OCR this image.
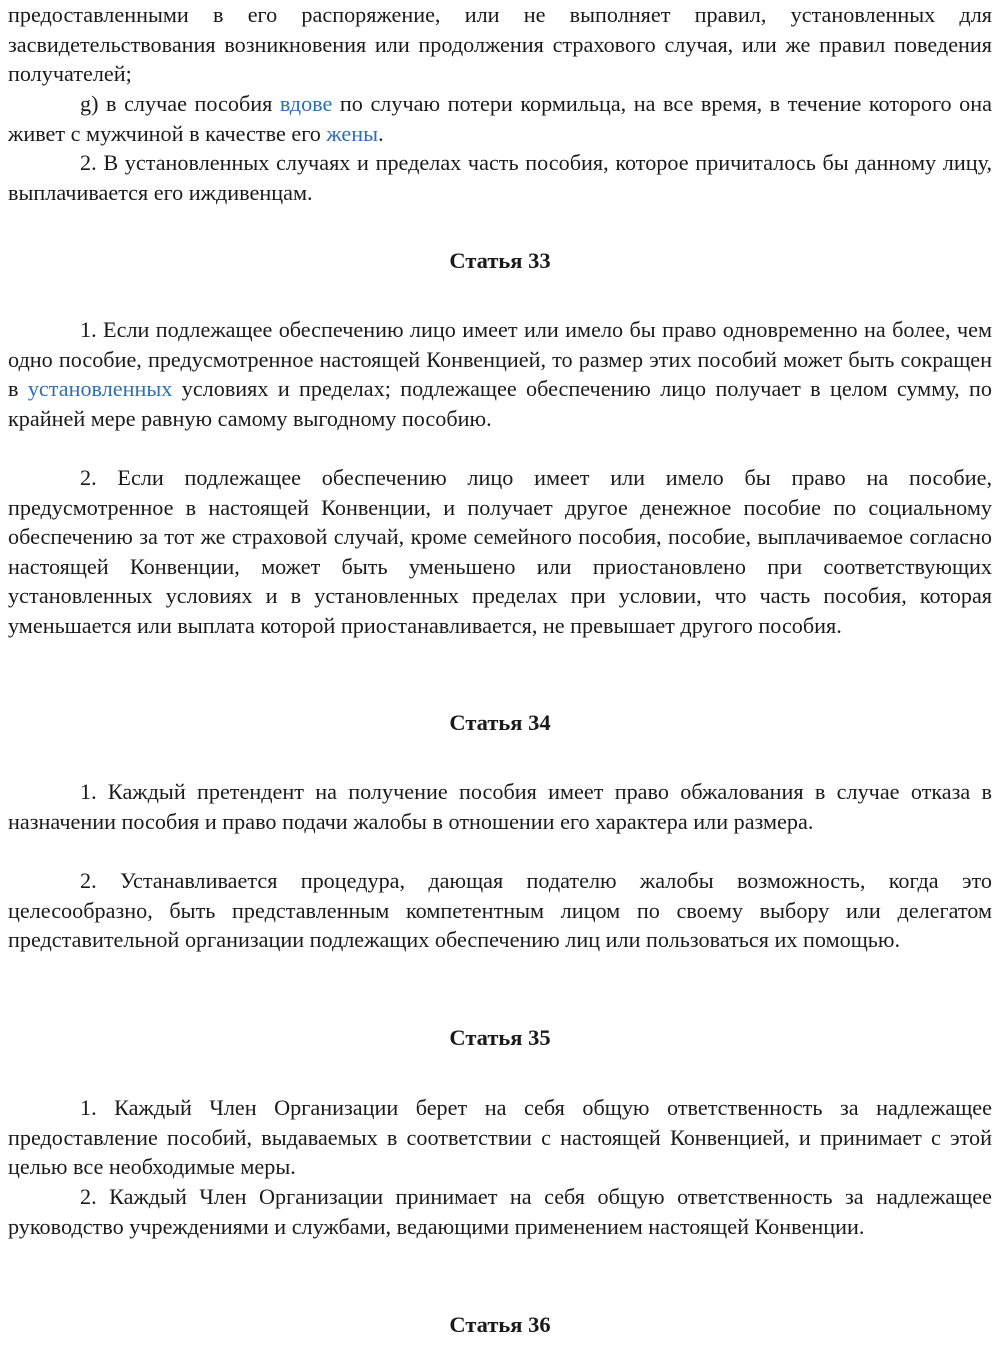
предоставленными в его распоряжение, или не выполняет правил, установленных для засвидетельствования возникновения или продолжения страхового случая, или же правил поведения получателей;

g) в случае пособия вдове по случаю потери кормильца, на все время, в течение которого она живет с мужчиной в качестве его жены.

2. В установленных случаях и пределах часть пособия, которое причиталось бы данному лицу, выплачивается его иждивенцам.

Статья 33

1. Если подлежащее обеспечению лицо имеет или имело бы право одновременно на более, чем одно пособие, предусмотренное настоящей Конвенцией, то размер этих пособий может быть сокращен в установленных условиях и пределах; подлежащее обеспечению лицо получает в целом сумму, по крайней мере равную самому выгодному пособию.

2. Если подлежащее обеспечению лицо имеет или имело бы право на пособие, предусмотренное в настоящей Конвенции, и получает другое денежное пособие по социальному обеспечению за тот же страховой случай, кроме семейного пособия, пособие, выплачиваемое согласно настоящей Конвенции, может быть уменьшено или приостановлено при соответствующих установленных условиях и в установленных пределах при условии, что часть пособия, которая уменьшается или выплата которой приостанавливается, не превышает другого пособия.

Статья 34

1. Каждый претендент на получение пособия имеет право обжалования в случае отказа в назначении пособия и право подачи жалобы в отношении его характера или размера.

2. Устанавливается процедура, дающая подателю жалобы возможность, когда это целесообразно, быть представленным компетентным лицом по своему выбору или делегатом представительной организации подлежащих обеспечению лиц или пользоваться их помощью.

Статья 35

1. Каждый Член Организации берет на себя общую ответственность за надлежащее предоставление пособий, выдаваемых в соответствии с настоящей Конвенцией, и принимает с этой целью все необходимые меры.

2. Каждый Член Организации принимает на себя общую ответственность за надлежащее руководство учреждениями и службами, ведающими применением настоящей Конвенции.

Статья 36
